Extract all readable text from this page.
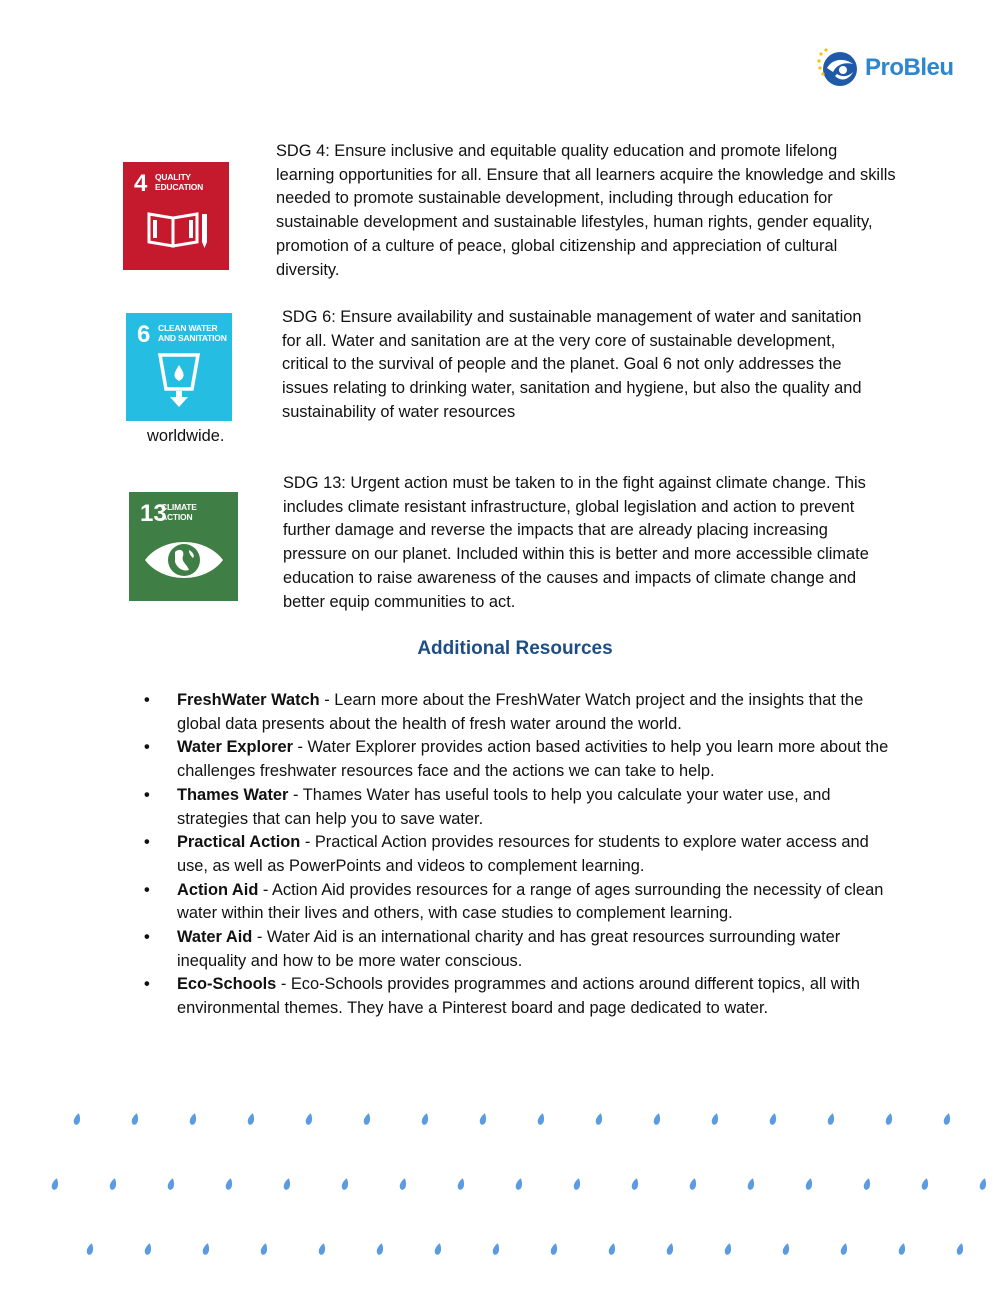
ProBleu
4 QUALITY
EDUCATION

SDG 4: Ensure inclusive and equitable quality education and promote lifelong learning opportunities for all. Ensure that all learners acquire the knowledge and skills needed to promote sustainable development, including through education for sustainable development and sustainable lifestyles, human rights, gender equality, promotion of a culture of peace, global citizenship and appreciation of cultural diversity.

6 CLEAN WATER
AND SANITATION

SDG 6: Ensure availability and sustainable management of water and sanitation for all. Water and sanitation are at the very core of sustainable development, critical to the survival of people and the planet. Goal 6 not only addresses the issues relating to drinking water, sanitation and hygiene, but also the quality and sustainability of water resources

worldwide.

13
CLIMATE
ACTION

SDG 13: Urgent action must be taken to in the fight against climate change. This includes climate resistant infrastructure, global legislation and action to prevent further damage and reverse the impacts that are already placing increasing pressure on our planet. Included within this is better and more accessible climate education to raise awareness of the causes and impacts of climate change and better equip communities to act.

Additional Resources
• FreshWater Watch - Learn more about the FreshWater Watch project and the insights that the global data presents about the health of fresh water around the world.
• Water Explorer - Water Explorer provides action based activities to help you learn more about the challenges freshwater resources face and the actions we can take to help.
• Thames Water - Thames Water has useful tools to help you calculate your water use, and strategies that can help you to save water.
• Practical Action - Practical Action provides resources for students to explore water access and use, as well as PowerPoints and videos to complement learning.
• Action Aid - Action Aid provides resources for a range of ages surrounding the necessity of clean water within their lives and others, with case studies to complement learning.
• Water Aid - Water Aid is an international charity and has great resources surrounding water inequality and how to be more water conscious.
• Eco-Schools - Eco-Schools provides programmes and actions around different topics, all with environmental themes. They have a Pinterest board and page dedicated to water.
